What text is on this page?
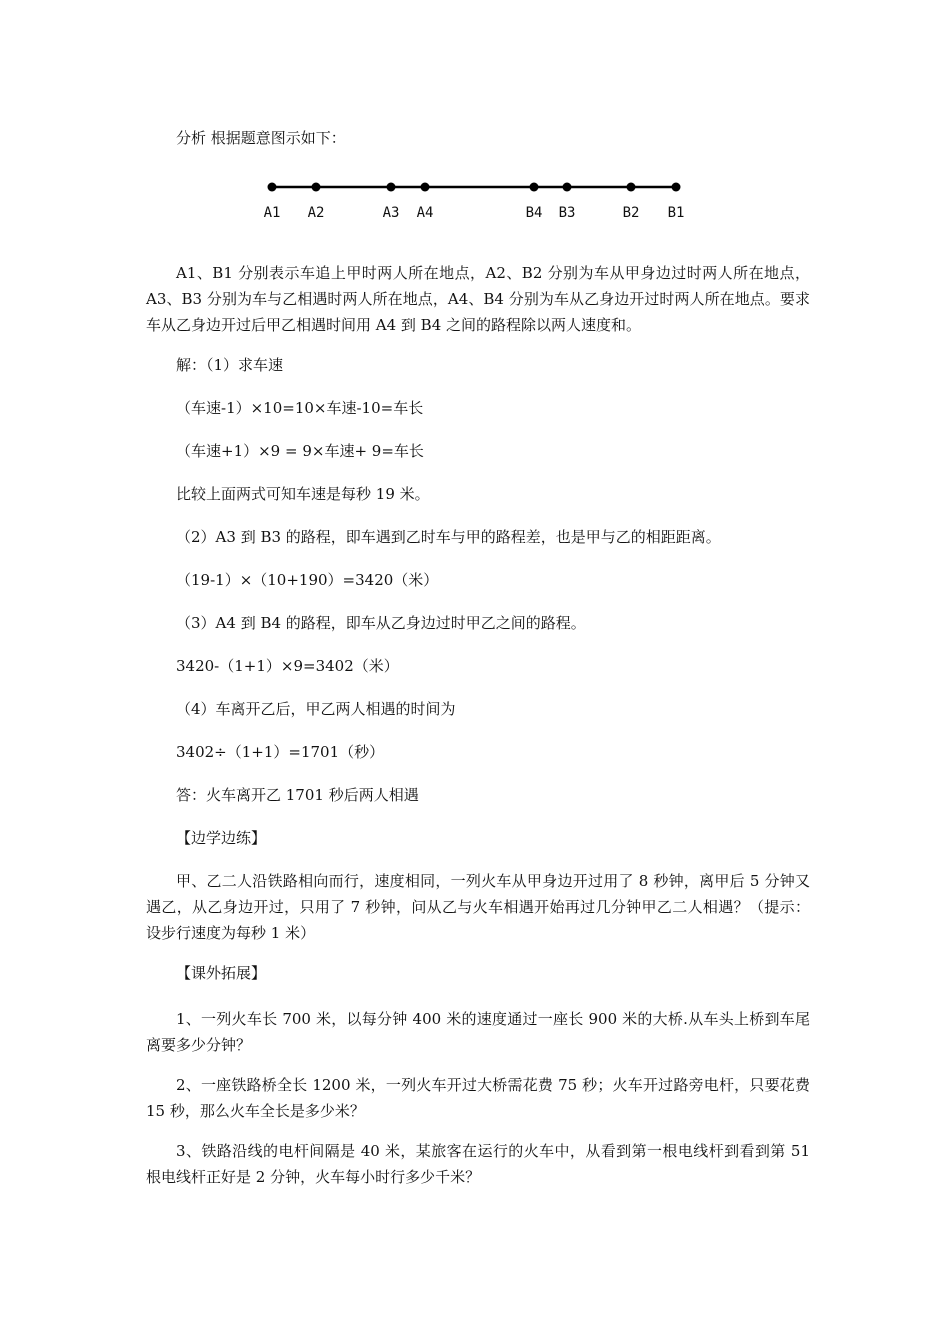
分析 根据题意图示如下：
A1 A2	A3 A4	B4 B3	B2 B1
A1、B1 分别表示车追上甲时两人所在地点，A2、B2 分别为车从甲身边过时两人所在地点，A3、B3 分别为车与乙相遇时两人所在地点，A4、B4 分别为车从乙身边开过时两人所在地点。要求车从乙身边开过后甲乙相遇时间用 A4 到 B4 之间的路程除以两人速度和。
解：（1）求车速
（车速-1）×10=10×车速-10=车长
（车速+1）×9 = 9×车速+ 9=车长
比较上面两式可知车速是每秒 19 米。
（2）A3 到 B3 的路程，即车遇到乙时车与甲的路程差，也是甲与乙的相距距离。
（19-1）×（10+190）=3420（米）
（3）A4 到 B4 的路程，即车从乙身边过时甲乙之间的路程。
3420-（1+1）×9=3402（米）
（4）车离开乙后，甲乙两人相遇的时间为
3402÷（1+1）=1701（秒）
答：火车离开乙 1701 秒后两人相遇
【边学边练】
甲、乙二人沿铁路相向而行，速度相同，一列火车从甲身边开过用了 8 秒钟，离甲后 5 分钟又遇乙，从乙身边开过，只用了 7 秒钟，问从乙与火车相遇开始再过几分钟甲乙二人相遇？（提示：设步行速度为每秒 1 米）
【课外拓展】
1、一列火车长 700 米，以每分钟 400 米的速度通过一座长 900 米的大桥.从车头上桥到车尾离要多少分钟？
2、一座铁路桥全长 1200 米，一列火车开过大桥需花费 75 秒；火车开过路旁电杆，只要花费 15 秒，那么火车全长是多少米？
3、铁路沿线的电杆间隔是 40 米，某旅客在运行的火车中，从看到第一根电线杆到看到第 51 根电线杆正好是 2 分钟，火车每小时行多少千米？
